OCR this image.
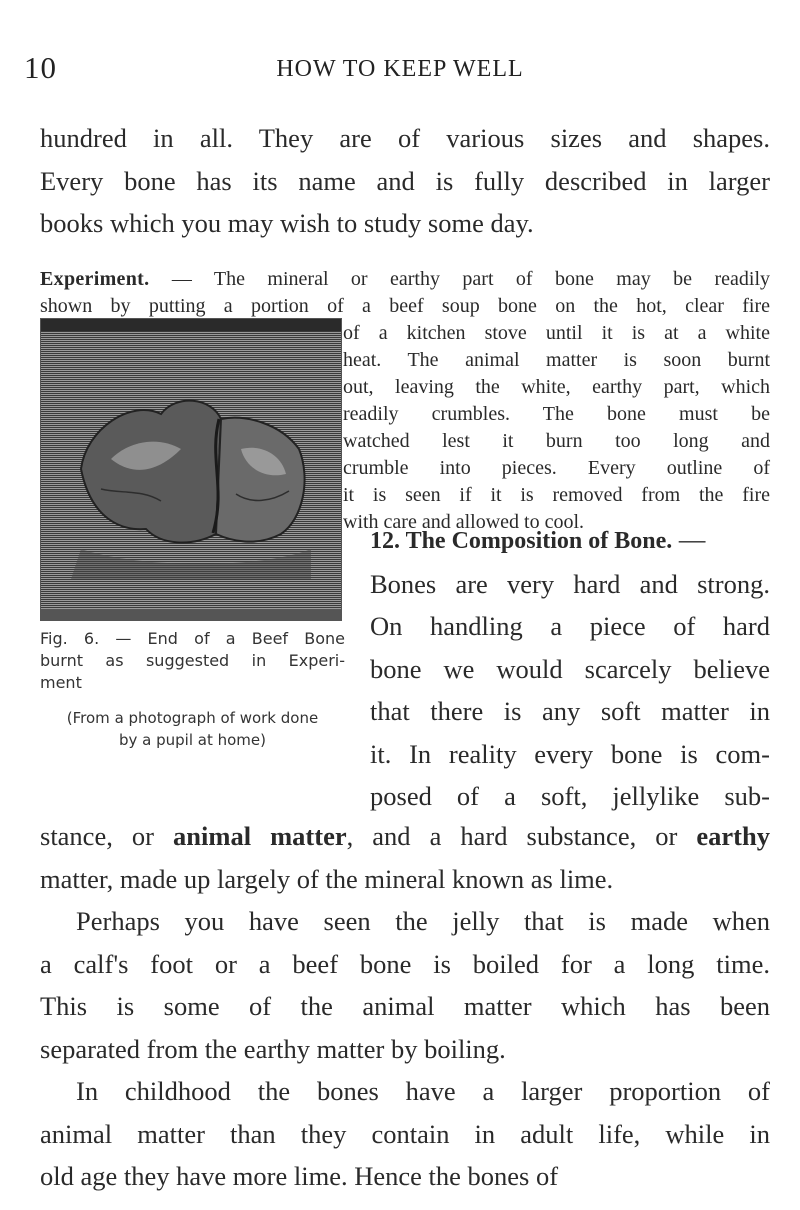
10	HOW TO KEEP WELL

hundred in all. They are of various sizes and shapes.
Every bone has its name and is fully described in larger

books which you may wish to study some day.

Experiment. — The mineral or earthy part of bone may be readily
shown by putting a portion of a beef soup bone on the hot, clear fire

of a kitchen stove until it is at a white
heat. The animal matter is soon burnt
out, leaving the white, earthy part, which
readily crumbles. The bone must be
watched lest it burn too long and
crumble into pieces. Every outline of
it is seen if it is removed from the fire
with care and allowed to cool.

Fig. 6. — End of a Beef Bone
burnt as suggested in Experi-
ment
(From a photograph of work done
by a pupil at home)

12. The Composition of Bone. —
Bones are very hard and strong.
On handling a piece of hard
bone we would scarcely believe
that there is any soft matter in
it. In reality every bone is com-
posed of a soft, jellylike sub-

stance, or animal matter, and a hard substance, or earthy
matter, made up largely of the mineral known as lime.

Perhaps you have seen the jelly that is made when
a calf's foot or a beef bone is boiled for a long time.
This is some of the animal matter which has been
separated from the earthy matter by boiling.

In childhood the bones have a larger proportion of
animal matter than they contain in adult life, while in
old age they have more lime. Hence the bones of
